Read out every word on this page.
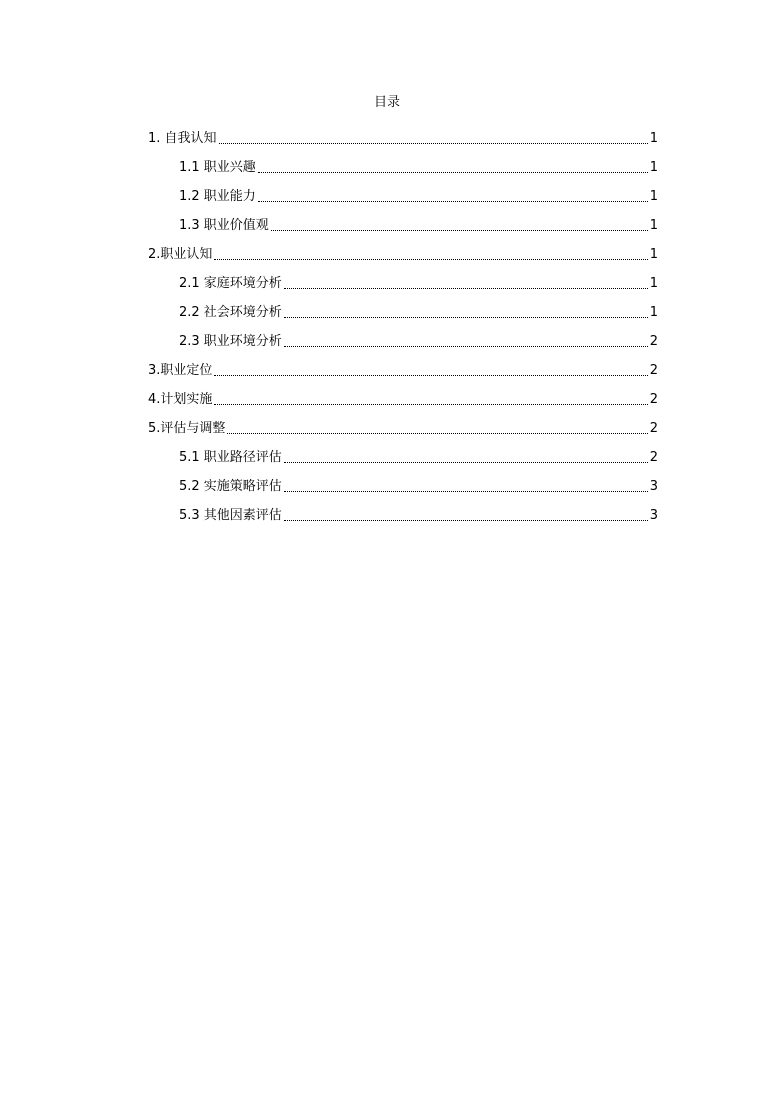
目录
1. 自我认知	1
1.1 职业兴趣	1
1.2 职业能力	1
1.3 职业价值观	1
2.职业认知	1
2.1 家庭环境分析	1
2.2 社会环境分析	1
2.3 职业环境分析	2
3.职业定位	2
4.计划实施	2
5.评估与调整	2
5.1 职业路径评估	2
5.2 实施策略评估	3
5.3 其他因素评估	3
